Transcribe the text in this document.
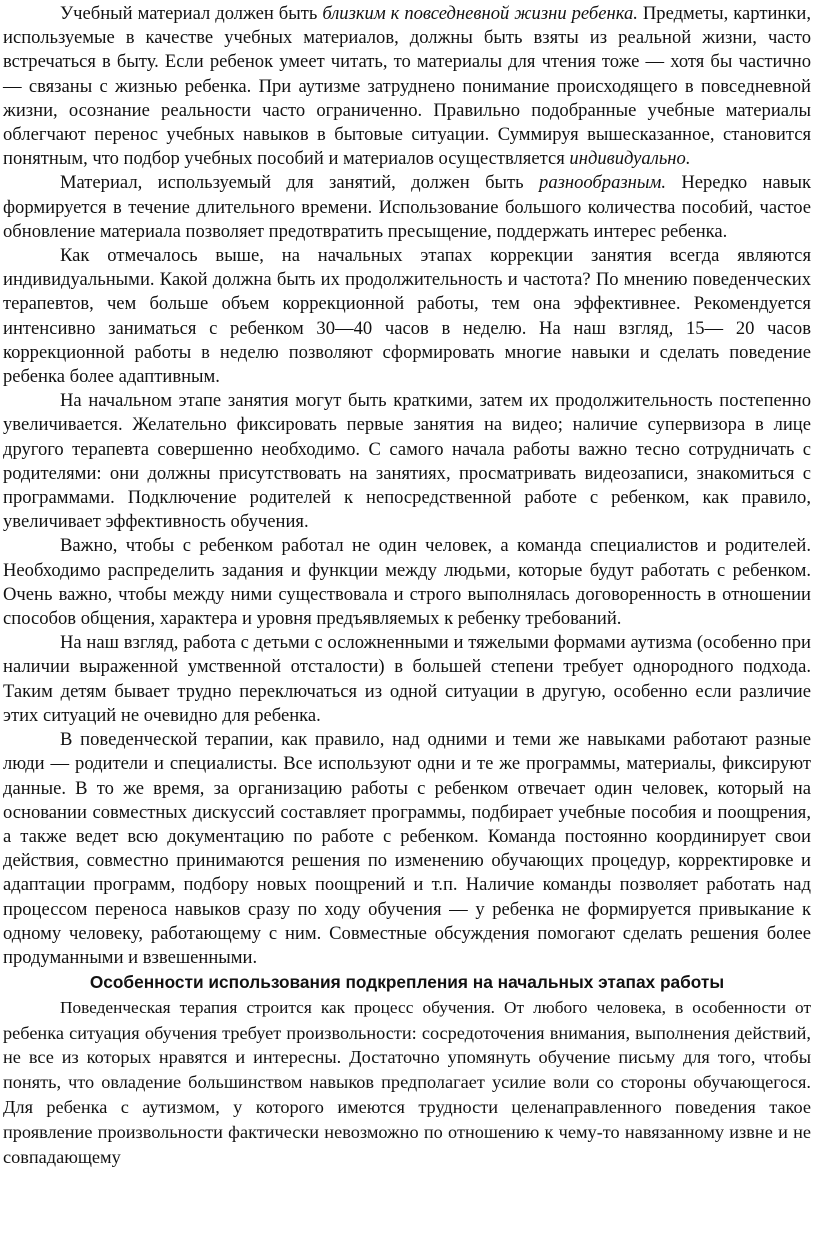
Учебный материал должен быть близким к повседневной жизни ребенка. Предметы, картинки, используемые в качестве учебных материалов, должны быть взяты из реальной жизни, часто встречаться в быту. Если ребенок умеет читать, то материалы для чтения тоже — хотя бы частично — связаны с жизнью ребенка. При аутизме затруднено понимание происходящего в повседневной жизни, осознание реальности часто ограниченно. Правильно подобранные учебные материалы облегчают перенос учебных навыков в бытовые ситуации. Суммируя вышесказанное, становится понятным, что подбор учебных пособий и материалов осуществляется индивидуально.

Материал, используемый для занятий, должен быть разнообразным. Нередко навык формируется в течение длительного времени. Использование большого количества пособий, частое обновление материала позволяет предотвратить пресыщение, поддержать интерес ребенка.

Как отмечалось выше, на начальных этапах коррекции занятия всегда являются индивидуальными. Какой должна быть их продолжительность и частота? По мнению поведенческих терапевтов, чем больше объем коррекционной работы, тем она эффективнее. Рекомендуется интенсивно заниматься с ребенком 30—40 часов в неделю. На наш взгляд, 15— 20 часов коррекционной работы в неделю позволяют сформировать многие навыки и сделать поведение ребенка более адаптивным.

На начальном этапе занятия могут быть краткими, затем их продолжительность постепенно увеличивается. Желательно фиксировать первые занятия на видео; наличие супервизора в лице другого терапевта совершенно необходимо. С самого начала работы важно тесно сотрудничать с родителями: они должны присутствовать на занятиях, просматривать видеозаписи, знакомиться с программами. Подключение родителей к непосредственной работе с ребенком, как правило, увеличивает эффективность обучения.

Важно, чтобы с ребенком работал не один человек, а команда специалистов и родителей. Необходимо распределить задания и функции между людьми, которые будут работать с ребенком. Очень важно, чтобы между ними существовала и строго выполнялась договоренность в отношении способов общения, характера и уровня предъявляемых к ребенку требований.

На наш взгляд, работа с детьми с осложненными и тяжелыми формами аутизма (особенно при наличии выраженной умственной отсталости) в большей степени требует однородного подхода. Таким детям бывает трудно переключаться из одной ситуации в другую, особенно если различие этих ситуаций не очевидно для ребенка.

В поведенческой терапии, как правило, над одними и теми же навыками работают разные люди — родители и специалисты. Все используют одни и те же программы, материалы, фиксируют данные. В то же время, за организацию работы с ребенком отвечает один человек, который на основании совместных дискуссий составляет программы, подбирает учебные пособия и поощрения, а также ведет всю документацию по работе с ребенком. Команда постоянно координирует свои действия, совместно принимаются решения по изменению обучающих процедур, корректировке и адаптации программ, подбору новых поощрений и т.п. Наличие команды позволяет работать над процессом переноса навыков сразу по ходу обучения — у ребенка не формируется привыкание к одному человеку, работающему с ним. Совместные обсуждения помогают сделать решения более продуманными и взвешенными.

Особенности использования подкрепления на начальных этапах работы

Поведенческая терапия строится как процесс обучения. От любого человека, в особенности от ребенка ситуация обучения требует произвольности: сосредоточения внимания, выполнения действий, не все из которых нравятся и интересны. Достаточно упомянуть обучение письму для того, чтобы понять, что овладение большинством навыков предполагает усилие воли со стороны обучающегося. Для ребенка с аутизмом, у которого имеются трудности целенаправленного поведения такое проявление произвольности фактически невозможно по отношению к чему-то навязанному извне и не совпадающему
